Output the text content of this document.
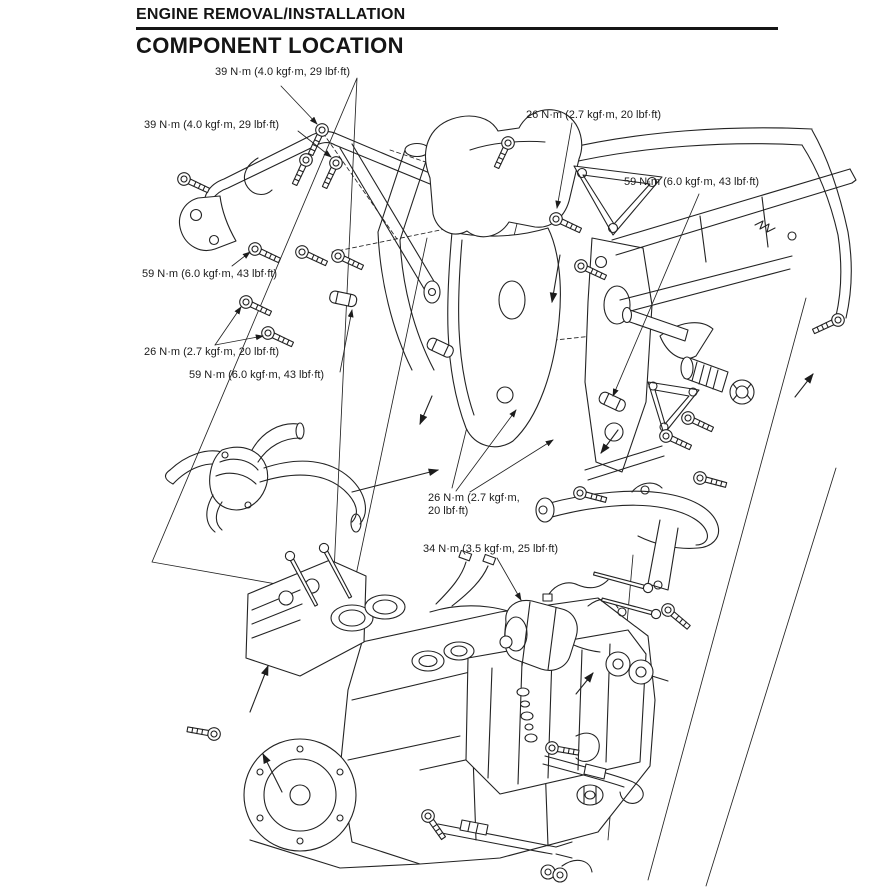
ENGINE REMOVAL/INSTALLATION
COMPONENT LOCATION
39 N·m (4.0 kgf·m, 29 lbf·ft)
39 N·m (4.0 kgf·m, 29 lbf·ft)
26 N·m (2.7 kgf·m, 20 lbf·ft)
59 N·m (6.0 kgf·m, 43 lbf·ft)
59 N·m (6.0 kgf·m, 43 lbf·ft)
26 N·m (2.7 kgf·m, 20 lbf·ft)
59 N·m (6.0 kgf·m, 43 lbf·ft)
26 N·m (2.7 kgf·m,
20 lbf·ft)
34 N·m (3.5 kgf·m, 25 lbf·ft)
